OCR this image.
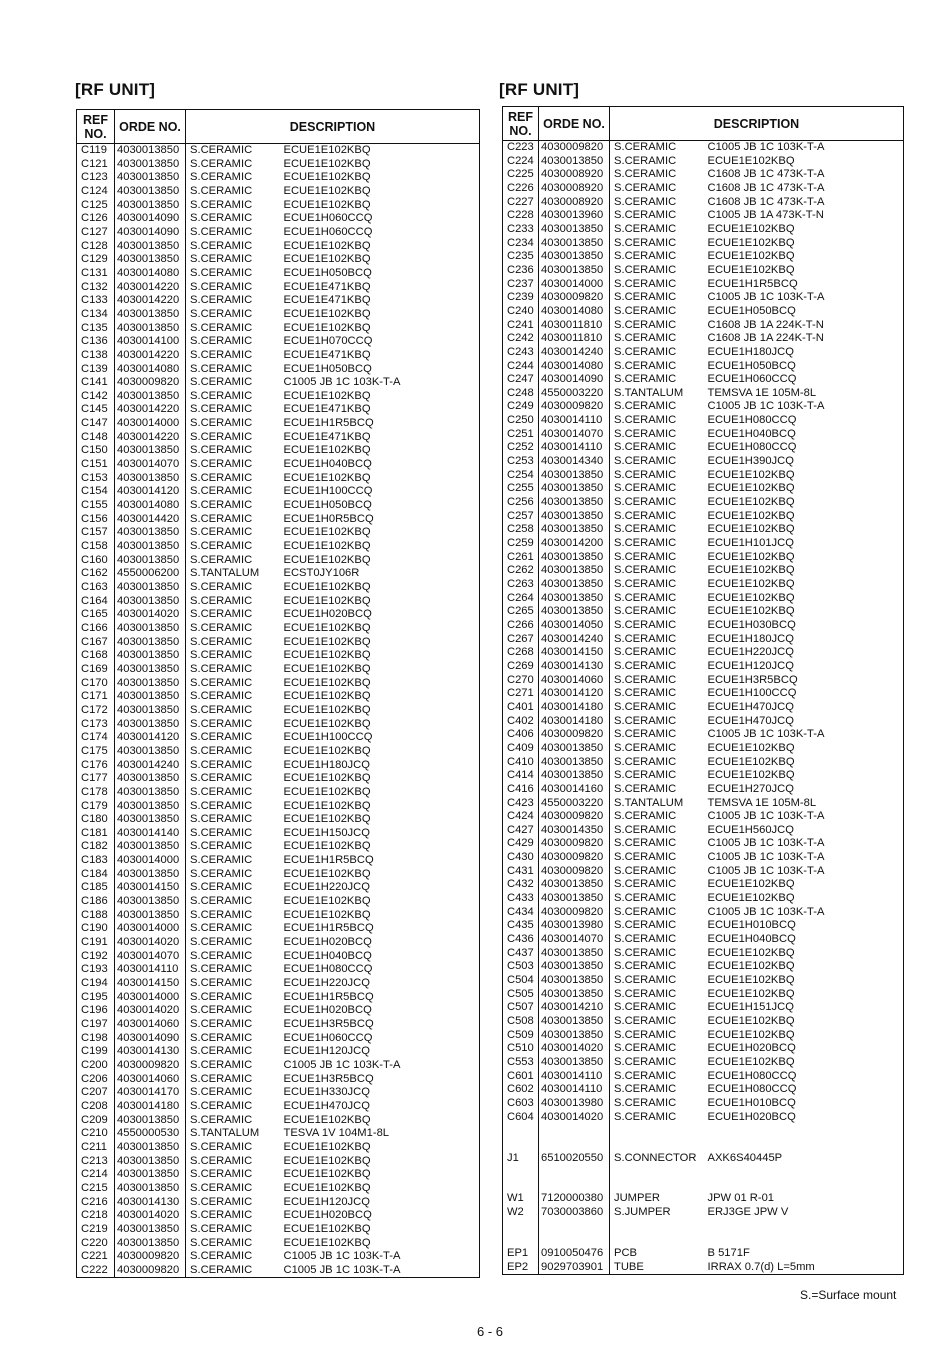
[RF UNIT]
REF NO.	ORDE NO.	DESCRIPTION	
C119	4030013850	S.CERAMIC	ECUE1E102KBQ
C121	4030013850	S.CERAMIC	ECUE1E102KBQ
C123	4030013850	S.CERAMIC	ECUE1E102KBQ
C124	4030013850	S.CERAMIC	ECUE1E102KBQ
C125	4030013850	S.CERAMIC	ECUE1E102KBQ
C126	4030014090	S.CERAMIC	ECUE1H060CCQ
C127	4030014090	S.CERAMIC	ECUE1H060CCQ
C128	4030013850	S.CERAMIC	ECUE1E102KBQ
C129	4030013850	S.CERAMIC	ECUE1E102KBQ
C131	4030014080	S.CERAMIC	ECUE1H050BCQ
C132	4030014220	S.CERAMIC	ECUE1E471KBQ
C133	4030014220	S.CERAMIC	ECUE1E471KBQ
C134	4030013850	S.CERAMIC	ECUE1E102KBQ
C135	4030013850	S.CERAMIC	ECUE1E102KBQ
C136	4030014100	S.CERAMIC	ECUE1H070CCQ
C138	4030014220	S.CERAMIC	ECUE1E471KBQ
C139	4030014080	S.CERAMIC	ECUE1H050BCQ
C141	4030009820	S.CERAMIC	C1005 JB 1C 103K-T-A
C142	4030013850	S.CERAMIC	ECUE1E102KBQ
C145	4030014220	S.CERAMIC	ECUE1E471KBQ
C147	4030014000	S.CERAMIC	ECUE1H1R5BCQ
C148	4030014220	S.CERAMIC	ECUE1E471KBQ
C150	4030013850	S.CERAMIC	ECUE1E102KBQ
C151	4030014070	S.CERAMIC	ECUE1H040BCQ
C153	4030013850	S.CERAMIC	ECUE1E102KBQ
C154	4030014120	S.CERAMIC	ECUE1H100CCQ
C155	4030014080	S.CERAMIC	ECUE1H050BCQ
C156	4030014420	S.CERAMIC	ECUE1H0R5BCQ
C157	4030013850	S.CERAMIC	ECUE1E102KBQ
C158	4030013850	S.CERAMIC	ECUE1E102KBQ
C160	4030013850	S.CERAMIC	ECUE1E102KBQ
C162	4550006200	S.TANTALUM	ECST0JY106R
C163	4030013850	S.CERAMIC	ECUE1E102KBQ
C164	4030013850	S.CERAMIC	ECUE1E102KBQ
C165	4030014020	S.CERAMIC	ECUE1H020BCQ
C166	4030013850	S.CERAMIC	ECUE1E102KBQ
C167	4030013850	S.CERAMIC	ECUE1E102KBQ
C168	4030013850	S.CERAMIC	ECUE1E102KBQ
C169	4030013850	S.CERAMIC	ECUE1E102KBQ
C170	4030013850	S.CERAMIC	ECUE1E102KBQ
C171	4030013850	S.CERAMIC	ECUE1E102KBQ
C172	4030013850	S.CERAMIC	ECUE1E102KBQ
C173	4030013850	S.CERAMIC	ECUE1E102KBQ
C174	4030014120	S.CERAMIC	ECUE1H100CCQ
C175	4030013850	S.CERAMIC	ECUE1E102KBQ
C176	4030014240	S.CERAMIC	ECUE1H180JCQ
C177	4030013850	S.CERAMIC	ECUE1E102KBQ
C178	4030013850	S.CERAMIC	ECUE1E102KBQ
C179	4030013850	S.CERAMIC	ECUE1E102KBQ
C180	4030013850	S.CERAMIC	ECUE1E102KBQ
C181	4030014140	S.CERAMIC	ECUE1H150JCQ
C182	4030013850	S.CERAMIC	ECUE1E102KBQ
C183	4030014000	S.CERAMIC	ECUE1H1R5BCQ
C184	4030013850	S.CERAMIC	ECUE1E102KBQ
C185	4030014150	S.CERAMIC	ECUE1H220JCQ
C186	4030013850	S.CERAMIC	ECUE1E102KBQ
C188	4030013850	S.CERAMIC	ECUE1E102KBQ
C190	4030014000	S.CERAMIC	ECUE1H1R5BCQ
C191	4030014020	S.CERAMIC	ECUE1H020BCQ
C192	4030014070	S.CERAMIC	ECUE1H040BCQ
C193	4030014110	S.CERAMIC	ECUE1H080CCQ
C194	4030014150	S.CERAMIC	ECUE1H220JCQ
C195	4030014000	S.CERAMIC	ECUE1H1R5BCQ
C196	4030014020	S.CERAMIC	ECUE1H020BCQ
C197	4030014060	S.CERAMIC	ECUE1H3R5BCQ
C198	4030014090	S.CERAMIC	ECUE1H060CCQ
C199	4030014130	S.CERAMIC	ECUE1H120JCQ
C200	4030009820	S.CERAMIC	C1005 JB 1C 103K-T-A
C206	4030014060	S.CERAMIC	ECUE1H3R5BCQ
C207	4030014170	S.CERAMIC	ECUE1H330JCQ
C208	4030014180	S.CERAMIC	ECUE1H470JCQ
C209	4030013850	S.CERAMIC	ECUE1E102KBQ
C210	4550000530	S.TANTALUM	TESVA 1V 104M1-8L
C211	4030013850	S.CERAMIC	ECUE1E102KBQ
C213	4030013850	S.CERAMIC	ECUE1E102KBQ
C214	4030013850	S.CERAMIC	ECUE1E102KBQ
C215	4030013850	S.CERAMIC	ECUE1E102KBQ
C216	4030014130	S.CERAMIC	ECUE1H120JCQ
C218	4030014020	S.CERAMIC	ECUE1H020BCQ
C219	4030013850	S.CERAMIC	ECUE1E102KBQ
C220	4030013850	S.CERAMIC	ECUE1E102KBQ
C221	4030009820	S.CERAMIC	C1005 JB 1C 103K-T-A
C222	4030009820	S.CERAMIC	C1005 JB 1C 103K-T-A
[RF UNIT]
REF NO.	ORDE NO.	DESCRIPTION	
C223	4030009820	S.CERAMIC	C1005 JB 1C 103K-T-A
C224	4030013850	S.CERAMIC	ECUE1E102KBQ
C225	4030008920	S.CERAMIC	C1608 JB 1C 473K-T-A
C226	4030008920	S.CERAMIC	C1608 JB 1C 473K-T-A
C227	4030008920	S.CERAMIC	C1608 JB 1C 473K-T-A
C228	4030013960	S.CERAMIC	C1005 JB 1A 473K-T-N
C233	4030013850	S.CERAMIC	ECUE1E102KBQ
C234	4030013850	S.CERAMIC	ECUE1E102KBQ
C235	4030013850	S.CERAMIC	ECUE1E102KBQ
C236	4030013850	S.CERAMIC	ECUE1E102KBQ
C237	4030014000	S.CERAMIC	ECUE1H1R5BCQ
C239	4030009820	S.CERAMIC	C1005 JB 1C 103K-T-A
C240	4030014080	S.CERAMIC	ECUE1H050BCQ
C241	4030011810	S.CERAMIC	C1608 JB 1A 224K-T-N
C242	4030011810	S.CERAMIC	C1608 JB 1A 224K-T-N
C243	4030014240	S.CERAMIC	ECUE1H180JCQ
C244	4030014080	S.CERAMIC	ECUE1H050BCQ
C247	4030014090	S.CERAMIC	ECUE1H060CCQ
C248	4550003220	S.TANTALUM	TEMSVA 1E 105M-8L
C249	4030009820	S.CERAMIC	C1005 JB 1C 103K-T-A
C250	4030014110	S.CERAMIC	ECUE1H080CCQ
C251	4030014070	S.CERAMIC	ECUE1H040BCQ
C252	4030014110	S.CERAMIC	ECUE1H080CCQ
C253	4030014340	S.CERAMIC	ECUE1H390JCQ
C254	4030013850	S.CERAMIC	ECUE1E102KBQ
C255	4030013850	S.CERAMIC	ECUE1E102KBQ
C256	4030013850	S.CERAMIC	ECUE1E102KBQ
C257	4030013850	S.CERAMIC	ECUE1E102KBQ
C258	4030013850	S.CERAMIC	ECUE1E102KBQ
C259	4030014200	S.CERAMIC	ECUE1H101JCQ
C261	4030013850	S.CERAMIC	ECUE1E102KBQ
C262	4030013850	S.CERAMIC	ECUE1E102KBQ
C263	4030013850	S.CERAMIC	ECUE1E102KBQ
C264	4030013850	S.CERAMIC	ECUE1E102KBQ
C265	4030013850	S.CERAMIC	ECUE1E102KBQ
C266	4030014050	S.CERAMIC	ECUE1H030BCQ
C267	4030014240	S.CERAMIC	ECUE1H180JCQ
C268	4030014150	S.CERAMIC	ECUE1H220JCQ
C269	4030014130	S.CERAMIC	ECUE1H120JCQ
C270	4030014060	S.CERAMIC	ECUE1H3R5BCQ
C271	4030014120	S.CERAMIC	ECUE1H100CCQ
C401	4030014180	S.CERAMIC	ECUE1H470JCQ
C402	4030014180	S.CERAMIC	ECUE1H470JCQ
C406	4030009820	S.CERAMIC	C1005 JB 1C 103K-T-A
C409	4030013850	S.CERAMIC	ECUE1E102KBQ
C410	4030013850	S.CERAMIC	ECUE1E102KBQ
C414	4030013850	S.CERAMIC	ECUE1E102KBQ
C416	4030014160	S.CERAMIC	ECUE1H270JCQ
C423	4550003220	S.TANTALUM	TEMSVA 1E 105M-8L
C424	4030009820	S.CERAMIC	C1005 JB 1C 103K-T-A
C427	4030014350	S.CERAMIC	ECUE1H560JCQ
C429	4030009820	S.CERAMIC	C1005 JB 1C 103K-T-A
C430	4030009820	S.CERAMIC	C1005 JB 1C 103K-T-A
C431	4030009820	S.CERAMIC	C1005 JB 1C 103K-T-A
C432	4030013850	S.CERAMIC	ECUE1E102KBQ
C433	4030013850	S.CERAMIC	ECUE1E102KBQ
C434	4030009820	S.CERAMIC	C1005 JB 1C 103K-T-A
C435	4030013980	S.CERAMIC	ECUE1H010BCQ
C436	4030014070	S.CERAMIC	ECUE1H040BCQ
C437	4030013850	S.CERAMIC	ECUE1E102KBQ
C503	4030013850	S.CERAMIC	ECUE1E102KBQ
C504	4030013850	S.CERAMIC	ECUE1E102KBQ
C505	4030013850	S.CERAMIC	ECUE1E102KBQ
C507	4030014210	S.CERAMIC	ECUE1H151JCQ
C508	4030013850	S.CERAMIC	ECUE1E102KBQ
C509	4030013850	S.CERAMIC	ECUE1E102KBQ
C510	4030014020	S.CERAMIC	ECUE1H020BCQ
C553	4030013850	S.CERAMIC	ECUE1E102KBQ
C601	4030014110	S.CERAMIC	ECUE1H080CCQ
C602	4030014110	S.CERAMIC	ECUE1H080CCQ
C603	4030013980	S.CERAMIC	ECUE1H010BCQ
C604	4030014020	S.CERAMIC	ECUE1H020BCQ

J1	6510020550	S.CONNECTOR	AXK6S40445P

W1	7120000380	JUMPER	JPW 01 R-01
W2	7030003860	S.JUMPER	ERJ3GE JPW V

EP1	0910050476	PCB	B 5171F
EP2	9029703901	TUBE	IRRAX 0.7(d) L=5mm
S.=Surface mount
6 - 6
